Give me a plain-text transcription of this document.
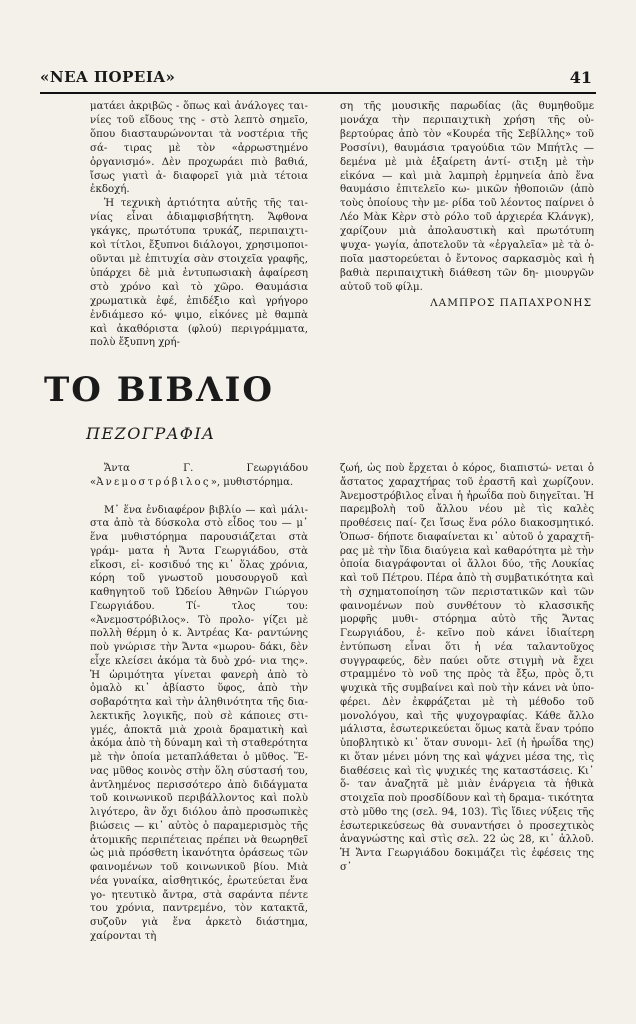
«ΝΕΑ ΠΟΡΕΙΑ»	41

ματάει ἀκριβῶς - ὅπως καὶ ἀνάλογες ται- νίες τοῦ εἴδους της - στὸ λεπτὸ σημεῖο, ὅπου διασταυρώνονται τὰ νοστέρια τῆς σά- τιρας μὲ τὸν «ἀρρωστημένο ὀργανισμό». Δὲν προχωράει πιὸ βαθιά, ἴσως γιατὶ ἀ- διαφορεῖ γιὰ μιὰ τέτοια ἐκδοχή.

Ἡ τεχνικὴ ἀρτιότητα αὐτῆς τῆς ται- νίας εἶναι ἀδιαμφισβήτητη. Ἄφθονα γκάγκς, πρωτότυπα τρυκάζ, περιπαιχτι- κοὶ τίτλοι, ἔξυπνοι διάλογοι, χρησιμοποι- οῦνται μὲ ἐπιτυχία σὰν στοιχεῖα γραφῆς, ὑπάρχει δὲ μιὰ ἐντυπωσιακὴ ἀφαίρεση στὸ χρόνο καὶ τὸ χῶρο. Θαυμάσια χρωματικὰ ἐφέ, ἐπιδέξιο καὶ γρήγορο ἐνδιάμεσο κό- ψιμο, εἰκόνες μὲ θαμπὰ καὶ ἀκαθόριστα (φλού) περιγράμματα, πολὺ ἔξυπνη χρή-

ση τῆς μουσικῆς παρωδίας (ἂς θυμηθοῦμε μονάχα τὴν περιπαιχτικὴ χρήση τῆς οὐ- βερτούρας ἀπὸ τὸν «Κουρέα τῆς Σεβίλλης» τοῦ Ροσσίνι), θαυμάσια τραγούδια τῶν Μπήτλς — δεμένα μὲ μιὰ ἐξαίρετη ἀντί- στιξη μὲ τὴν εἰκόνα — καὶ μιὰ λαμπρὴ ἑρμηνεία ἀπὸ ἕνα θαυμάσιο ἐπιτελεῖο κω- μικῶν ἠθοποιῶν (ἀπὸ τοὺς ὁποίους τὴν με- ρίδα τοῦ λέοντος παίρνει ὁ Λέο Μὰκ Κὲρν στὸ ρόλο τοῦ ἀρχιερέα Κλάνγκ), χαρίζουν μιὰ ἀπολαυστικὴ καὶ πρωτότυπη ψυχα- γωγία, ἀποτελοῦν τὰ «ἐργαλεῖα» μὲ τὰ ὁ- ποῖα μαστορεύεται ὁ ἔντονος σαρκασμὸς καὶ ἡ βαθιὰ περιπαιχτικὴ διάθεση τῶν δη- μιουργῶν αὐτοῦ τοῦ φίλμ.

ΛΑΜΠΡΟΣ ΠΑΠΑΧΡΟΝΗΣ

ΤΟ ΒΙΒΛΙΟ
ΠΕΖΟΓΡΑΦΙΑ

Ἄντα Γ. Γεωργιάδου «Ἀνεμοστρόβιλος», μυθιστόρημα.

Μ᾽ ἕνα ἐνδιαφέρον βιβλίο — καὶ μάλι- στα ἀπὸ τὰ δύσκολα στὸ εἶδος του — μ᾽ ἕνα μυθιστόρημα παρουσιάζεται στὰ γράμ- ματα ἡ Ἄντα Γεωργιάδου, στὰ εἴκοσι, εἰ- κοσιδυό της κι᾽ ὅλας χρόνια, κόρη τοῦ γνωστοῦ μουσουργοῦ καὶ καθηγητοῦ τοῦ Ὠδείου Ἀθηνῶν Γιώργου Γεωργιάδου. Τί- τλος του: «Ἀνεμοστρόβιλος». Τὸ προλο- γίζει μὲ πολλὴ θέρμη ὁ κ. Ἀντρέας Κα- ραντώνης ποὺ γνώρισε τὴν Ἄντα «μωρου- δάκι, δὲν εἶχε κλείσει ἀκόμα τὰ δυὸ χρό- νια της». Ἡ ὡριμότητα γίνεται φανερὴ ἀπὸ τὸ ὁμαλὸ κι᾽ ἀβίαστο ὕφος, ἀπὸ τὴν σοβαρότητα καὶ τὴν ἀληθινότητα τῆς δια- λεκτικῆς λογικῆς, ποὺ σὲ κάποιες στι- γμές, ἀποκτᾶ μιὰ χροιὰ δραματικὴ καὶ ἀκόμα ἀπὸ τὴ δύναμη καὶ τὴ σταθερότητα μὲ τὴν ὁποία μεταπλάθεται ὁ μῦθος. Ἕ- νας μῦθος κοινὸς στὴν ὅλη σύστασή του, ἀντλημένος περισσότερο ἀπὸ διδάγματα τοῦ κοινωνικοῦ περιβάλλοντος καὶ πολὺ λιγότερο, ἂν ὄχι διόλου ἀπὸ προσωπικὲς βιώσεις — κι᾽ αὐτὸς ὁ παραμερισμὸς τῆς ἀτομικῆς περιπέτειας πρέπει νὰ θεωρηθεῖ ὡς μιὰ πρόσθετη ἱκανότητα ὁράσεως τῶν φαινομένων τοῦ κοινωνικοῦ βίου. Μιὰ νέα γυναίκα, αἰσθητικός, ἐρωτεύεται ἕνα γο- ητευτικὸ ἄντρα, στὰ σαράντα πέντε του χρόνια, παντρεμένο, τὸν κατακτᾶ, συζοῦν γιὰ ἕνα ἀρκετὸ διάστημα, χαίρονται τὴ

ζωή, ὡς ποὺ ἔρχεται ὁ κόρος, διαπιστώ- νεται ὁ ἄστατος χαραχτήρας τοῦ ἐραστῆ καὶ χωρίζουν. Ἀνεμοστρόβιλος εἶναι ἡ ἡρωΐδα ποὺ διηγεῖται. Ἡ παρεμβολὴ τοῦ ἄλλου νέου μὲ τὶς καλὲς προθέσεις παί- ζει ἴσως ἕνα ρόλο διακοσμητικό. Ὁπωσ- δήποτε διαφαίνεται κι᾽ αὐτοῦ ὁ χαραχτῆ- ρας μὲ τὴν ἴδια διαύγεια καὶ καθαρότητα μὲ τὴν ὁποία διαγράφονται οἱ ἄλλοι δύο, τῆς Λουκίας καὶ τοῦ Πέτρου. Πέρα ἀπὸ τὴ συμβατικότητα καὶ τὴ σχηματοποίηση τῶν περιστατικῶν καὶ τῶν φαινομένων ποὺ συνθέτουν τὸ κλασσικῆς μορφῆς μυθι- στόρημα αὐτὸ τῆς Ἄντας Γεωργιάδου, ἐ- κεῖνο ποὺ κάνει ἰδιαίτερη ἐντύπωση εἶναι ὅτι ἡ νέα ταλαντοῦχος συγγραφεύς, δὲν παύει οὔτε στιγμὴ νὰ ἔχει στραμμένο τὸ νοῦ της πρὸς τὰ ἔξω, πρὸς ὅ,τι ψυχικὰ τῆς συμβαίνει καὶ ποὺ τὴν κάνει νὰ ὑπο- φέρει. Δὲν ἐκφράζεται μὲ τὴ μέθοδο τοῦ μονολόγου, καὶ τῆς ψυχογραφίας. Κάθε ἄλλο μάλιστα, ἐσωτερικεύεται ὅμως κατὰ ἕναν τρόπο ὑποβλητικὸ κι᾽ ὅταν συνομι- λεῖ (ἡ ἡρωΐδα της) κι ὅταν μένει μόνη της καὶ ψάχνει μέσα της, τὶς διαθέσεις καὶ τὶς ψυχικές της καταστάσεις. Κι᾽ ὅ- ταν ἀναζητᾶ μὲ μιὰν ἐνάργεια τὰ ἠθικὰ στοιχεῖα ποὺ προσδίδουν καὶ τὴ δραμα- τικότητα στὸ μῦθο της (σελ. 94, 103). Τὶς ἴδιες νύξεις τῆς ἐσωτερικεύσεως θὰ συναντήσει ὁ προσεχτικὸς ἀναγνώστης καὶ στὶς σελ. 22 ὡς 28, κι᾽ ἀλλοῦ. Ἡ Ἄντα Γεωργιάδου δοκιμάζει τὶς ἐφέσεις της σ᾽
